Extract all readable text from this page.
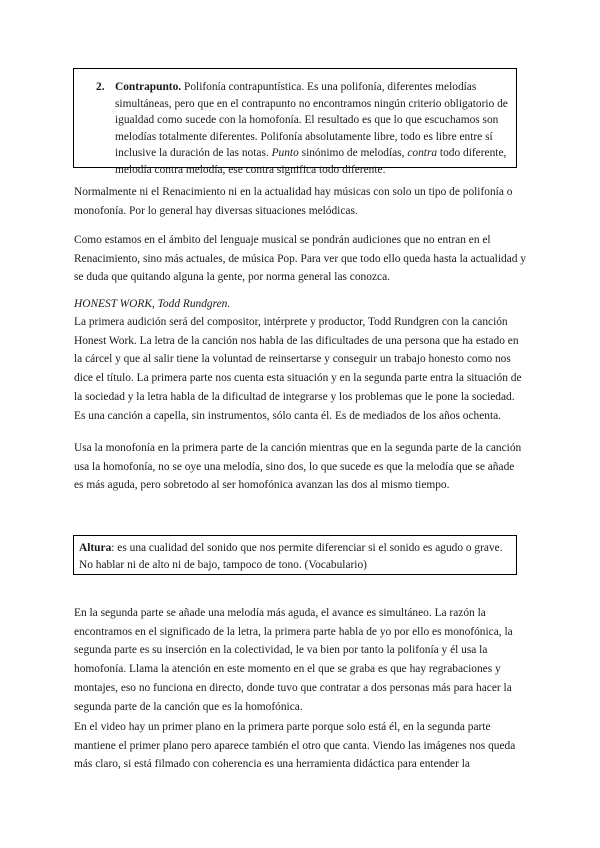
2. Contrapunto. Polifonía contrapuntística. Es una polifonía, diferentes melodías simultáneas, pero que en el contrapunto no encontramos ningún criterio obligatorio de igualdad como sucede con la homofonía. El resultado es que lo que escuchamos son melodías totalmente diferentes. Polifonía absolutamente libre, todo es libre entre sí inclusive la duración de las notas. Punto sinónimo de melodías, contra todo diferente, melodía contra melodía, ese contra significa todo diferente.

Normalmente ni el Renacimiento ni en la actualidad hay músicas con solo un tipo de polifonía o monofonía. Por lo general hay diversas situaciones melódicas.

Como estamos en el ámbito del lenguaje musical se pondrán audiciones que no entran en el Renacimiento, sino más actuales, de música Pop. Para ver que todo ello queda hasta la actualidad y se duda que quitando alguna la gente, por norma general las conozca.

HONEST WORK, Todd Rundgren.

La primera audición será del compositor, intérprete y productor, Todd Rundgren con la canción Honest Work. La letra de la canción nos habla de las dificultades de una persona que ha estado en la cárcel y que al salir tiene la voluntad de reinsertarse y conseguir un trabajo honesto como nos dice el título. La primera parte nos cuenta esta situación y en la segunda parte entra la situación de la sociedad y la letra habla de la dificultad de integrarse y los problemas que le pone la sociedad. Es una canción a capella, sin instrumentos, sólo canta él. Es de mediados de los años ochenta.

Usa la monofonía en la primera parte de la canción mientras que en la segunda parte de la canción usa la homofonía, no se oye una melodía, sino dos, lo que sucede es que la melodía que se añade es más aguda, pero sobretodo al ser homofónica avanzan las dos al mismo tiempo.

Altura: es una cualidad del sonido que nos permite diferenciar si el sonido es agudo o grave. No hablar ni de alto ni de bajo, tampoco de tono. (Vocabulario)

En la segunda parte se añade una melodía más aguda, el avance es simultáneo. La razón la encontramos en el significado de la letra, la primera parte habla de yo por ello es monofónica, la segunda parte es su inserción en la colectividad, le va bien por tanto la polifonía y él usa la homofonía. Llama la atención en este momento en el que se graba es que hay regrabaciones y montajes, eso no funciona en directo, donde tuvo que contratar a dos personas más para hacer la segunda parte de la canción que es la homofónica.

En el video hay un primer plano en la primera parte porque solo está él, en la segunda parte mantiene el primer plano pero aparece también el otro que canta. Viendo las imágenes nos queda más claro, si está filmado con coherencia es una herramienta didáctica para entender la
